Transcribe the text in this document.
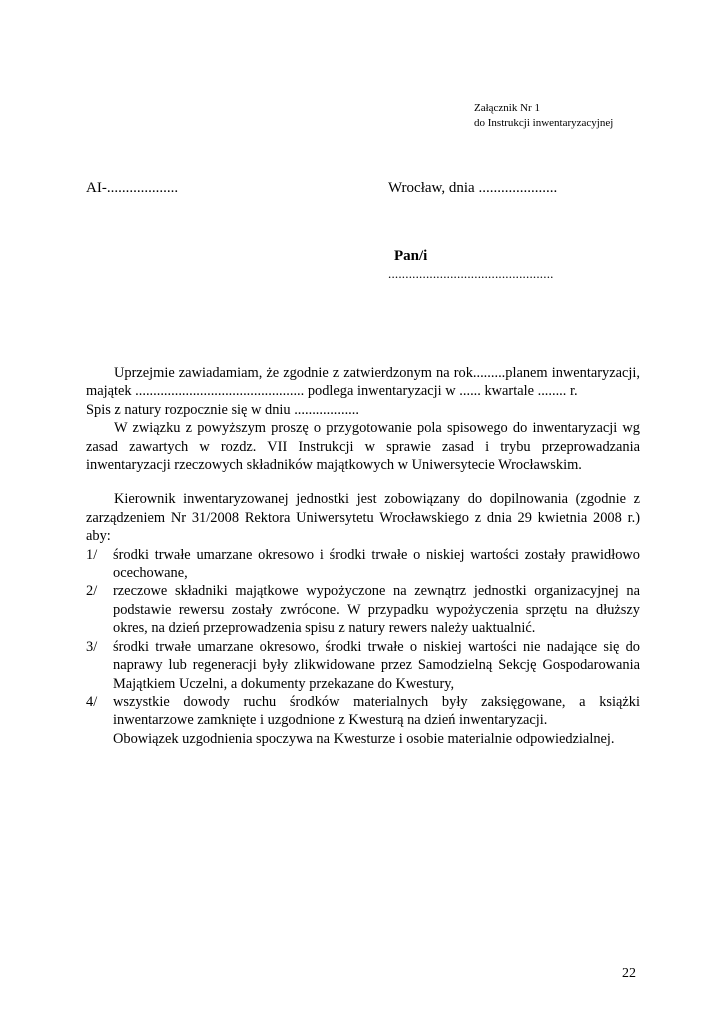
Załącznik Nr 1
do Instrukcji inwentaryzacyjnej
AI-...................	Wrocław, dnia .....................
Pan/i
................................................

Uprzejmie zawiadamiam, że zgodnie z zatwierdzonym na rok.........planem inwentaryzacji, majątek ............................................... podlega inwentaryzacji w ...... kwartale ........ r.

Spis z natury rozpocznie się w dniu ..................

W związku z powyższym proszę o przygotowanie pola spisowego do inwentaryzacji wg zasad zawartych w rozdz. VII Instrukcji w sprawie zasad i trybu przeprowadzania inwentaryzacji rzeczowych składników majątkowych w Uniwersytecie Wrocławskim.

Kierownik inwentaryzowanej jednostki jest zobowiązany do dopilnowania (zgodnie z zarządzeniem Nr 31/2008 Rektora Uniwersytetu Wrocławskiego z dnia 29 kwietnia 2008 r.) aby:

1/	środki trwałe umarzane okresowo i środki trwałe o niskiej wartości zostały prawidłowo ocechowane,
2/	rzeczowe składniki majątkowe wypożyczone na zewnątrz jednostki organizacyjnej na podstawie rewersu zostały zwrócone. W przypadku wypożyczenia sprzętu na dłuższy okres, na dzień przeprowadzenia spisu z natury rewers należy uaktualnić.
3/	środki trwałe umarzane okresowo, środki trwałe o niskiej wartości nie nadające się do naprawy lub regeneracji były zlikwidowane przez Samodzielną Sekcję Gospodarowania Majątkiem Uczelni, a dokumenty przekazane do Kwestury,
4/	wszystkie dowody ruchu środków materialnych były zaksięgowane, a książki inwentarzowe zamknięte i uzgodnione z Kwesturą na dzień inwentaryzacji.

Obowiązek uzgodnienia spoczywa na Kwesturze i osobie materialnie odpowiedzialnej.

22
